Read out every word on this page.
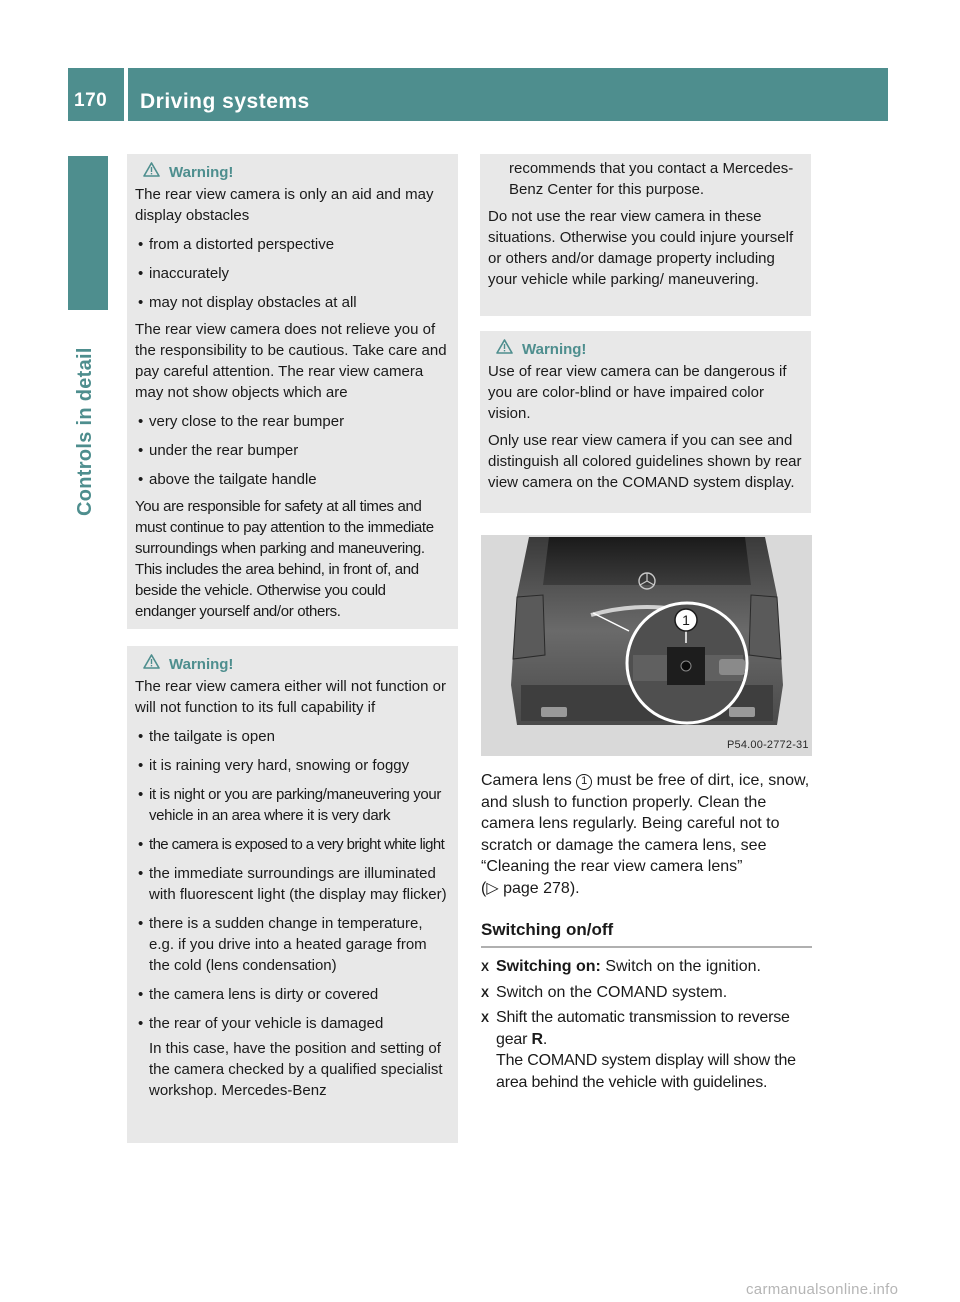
170 Driving systems
Controls in detail
Warning!

The rear view camera is only an aid and may display obstacles

• from a distorted perspective
• inaccurately
• may not display obstacles at all

The rear view camera does not relieve you of the responsibility to be cautious. Take care and pay careful attention. The rear view camera may not show objects which are

• very close to the rear bumper
• under the rear bumper
• above the tailgate handle

You are responsible for safety at all times and must continue to pay attention to the immediate surroundings when parking and maneuvering. This includes the area behind, in front of, and beside the vehicle. Otherwise you could endanger yourself and/or others.

Warning!

The rear view camera either will not function or will not function to its full capability if

• the tailgate is open
• it is raining very hard, snowing or foggy
• it is night or you are parking/maneuvering your vehicle in an area where it is very dark
• the camera is exposed to a very bright white light
• the immediate surroundings are illuminated with fluorescent light (the display may flicker)
• there is a sudden change in temperature, e.g. if you drive into a heated garage from the cold (lens condensation)
• the camera lens is dirty or covered
• the rear of your vehicle is damaged
In this case, have the position and setting of the camera checked by a qualified specialist workshop. Mercedes-Benz
recommends that you contact a Mercedes-Benz Center for this purpose.

Do not use the rear view camera in these situations. Otherwise you could injure yourself or others and/or damage property including your vehicle while parking/ maneuvering.

Warning!

Use of rear view camera can be dangerous if you are color-blind or have impaired color vision.

Only use rear view camera if you can see and distinguish all colored guidelines shown by rear view camera on the COMAND system display.

1
P54.00-2772-31
Camera lens 1 must be free of dirt, ice, snow, and slush to function properly. Clean the camera lens regularly. Being careful not to scratch or damage the camera lens, see “Cleaning the rear view camera lens”
(▷ page 278).
Switching on/off
X Switching on: Switch on the ignition.
X Switch on the COMAND system.
X Shift the automatic transmission to reverse gear R.
The COMAND system display will show the area behind the vehicle with guidelines.
carmanualsonline.info
